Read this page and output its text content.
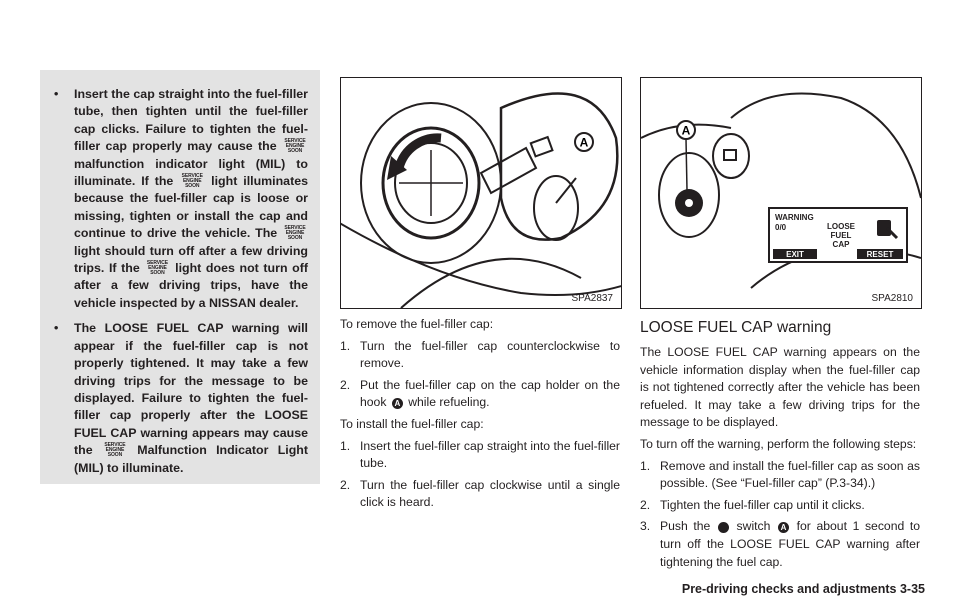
• Insert the cap straight into the fuel-filler tube, then tighten until the fuel-filler cap clicks. Failure to tighten the fuel-filler cap properly may cause the SERVICE
ENGINE
SOON malfunction indicator light (MIL) to illuminate. If the SERVICE
ENGINE
SOON light illuminates because the fuel-filler cap is loose or missing, tighten or install the cap and continue to drive the vehicle. The SERVICE
ENGINE
SOON light should turn off after a few driving trips. If the SERVICE
ENGINE
SOON light does not turn off after a few driving trips, have the vehicle inspected by a NISSAN dealer.
• The LOOSE FUEL CAP warning will appear if the fuel-filler cap is not properly tightened. It may take a few driving trips for the message to be displayed. Failure to tighten the fuel-filler cap properly after the LOOSE FUEL CAP warning appears may cause the SERVICE
ENGINE
SOON Malfunction Indicator Light (MIL) to illuminate.
A
SPA2837
A
WARNING
0/0	LOOSE
FUEL
CAP
EXIT	RESET
SPA2810

To remove the fuel-filler cap:

1. Turn the fuel-filler cap counterclockwise to remove.
2. Put the fuel-filler cap on the cap holder on the hook A while refueling.

To install the fuel-filler cap:

1. Insert the fuel-filler cap straight into the fuel-filler tube.
2. Turn the fuel-filler cap clockwise until a single click is heard.
LOOSE FUEL CAP warning

The LOOSE FUEL CAP warning appears on the vehicle information display when the fuel-filler cap is not tightened correctly after the vehicle has been refueled. It may take a few driving trips for the message to be displayed.

To turn off the warning, perform the following steps:

1. Remove and install the fuel-filler cap as soon as possible. (See “Fuel-filler cap” (P.3-34).)
2. Tighten the fuel-filler cap until it clicks.
3. Push the switch A for about 1 second to turn off the LOOSE FUEL CAP warning after tightening the fuel cap.
Pre-driving checks and adjustments 3-35
